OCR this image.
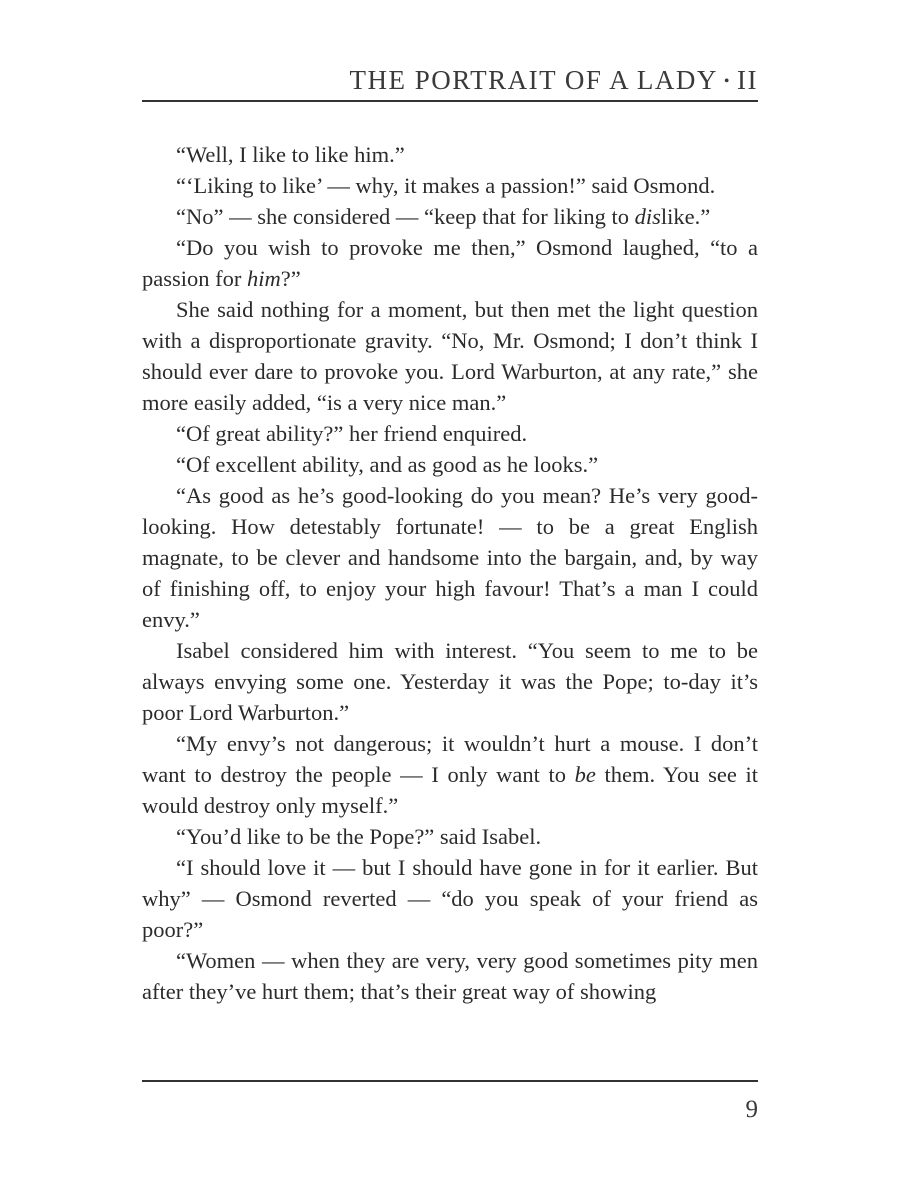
THE PORTRAIT OF A LADY • II

“Well, I like to like him.”

“‘Liking to like’ — why, it makes a passion!” said Osmond.

“No” — she considered — “keep that for liking to dislike.”

“Do you wish to provoke me then,” Osmond laughed, “to a passion for him?”

She said nothing for a moment, but then met the light question with a disproportionate gravity. “No, Mr. Osmond; I don’t think I should ever dare to provoke you. Lord Warburton, at any rate,” she more easily added, “is a very nice man.”

“Of great ability?” her friend enquired.

“Of excellent ability, and as good as he looks.”

“As good as he’s good-looking do you mean? He’s very good-looking. How detestably fortunate! — to be a great English magnate, to be clever and handsome into the bargain, and, by way of finishing off, to enjoy your high favour! That’s a man I could envy.”

Isabel considered him with interest. “You seem to me to be always envying some one. Yesterday it was the Pope; to-day it’s poor Lord Warburton.”

“My envy’s not dangerous; it wouldn’t hurt a mouse. I don’t want to destroy the people — I only want to be them. You see it would destroy only myself.”

“You’d like to be the Pope?” said Isabel.

“I should love it — but I should have gone in for it earlier. But why” — Osmond reverted — “do you speak of your friend as poor?”

“Women — when they are very, very good sometimes pity men after they’ve hurt them; that’s their great way of showing

9
